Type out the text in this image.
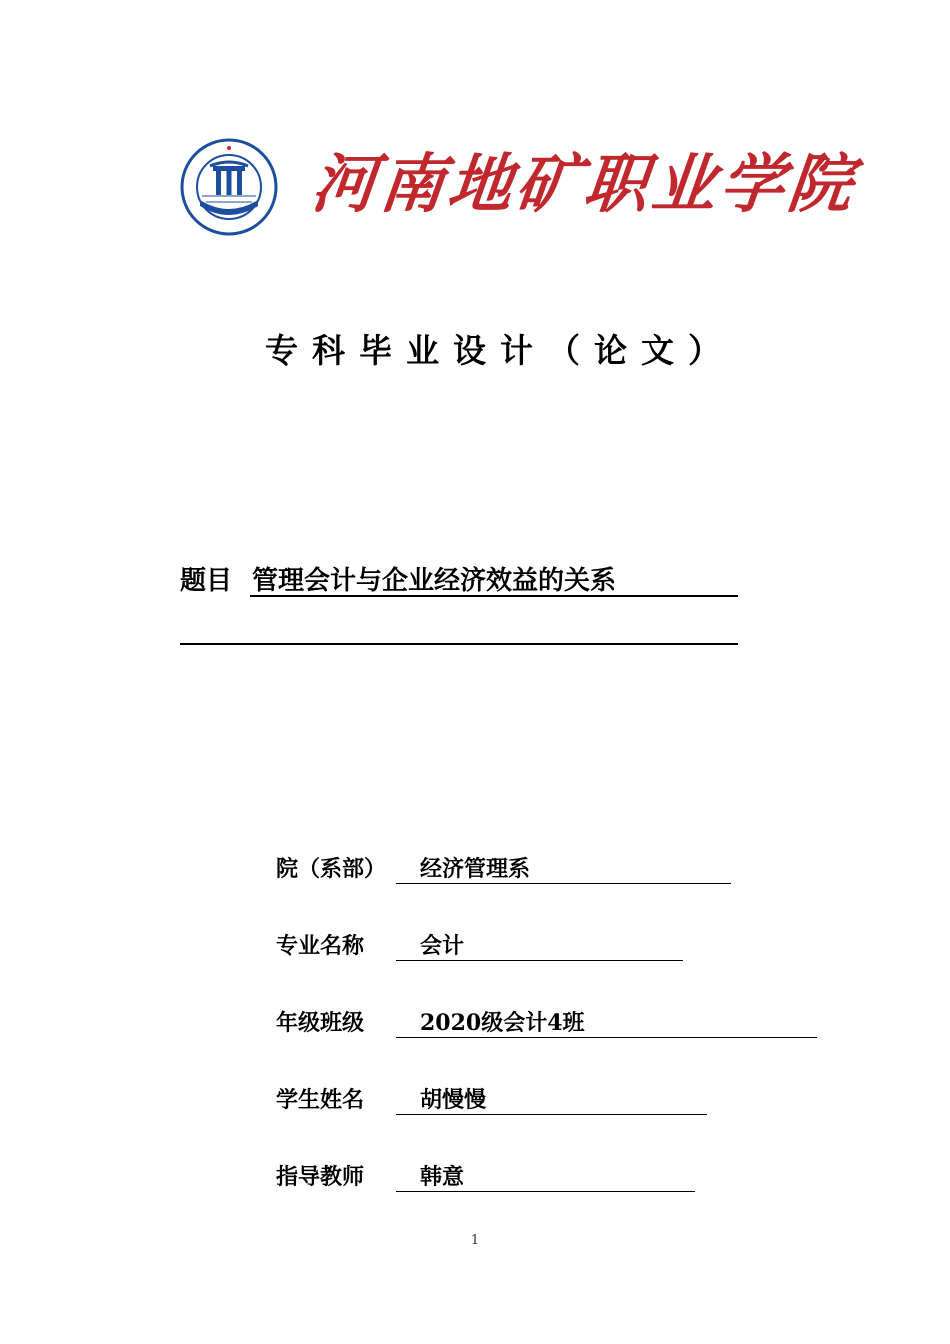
河南地矿职业学院
专科毕业设计（论文）
题目 管理会计与企业经济效益的关系
院（系部） 经济管理系
专业名称	会计
年级班级	2020级会计4班
学生姓名	胡慢慢
指导教师	韩意
1
